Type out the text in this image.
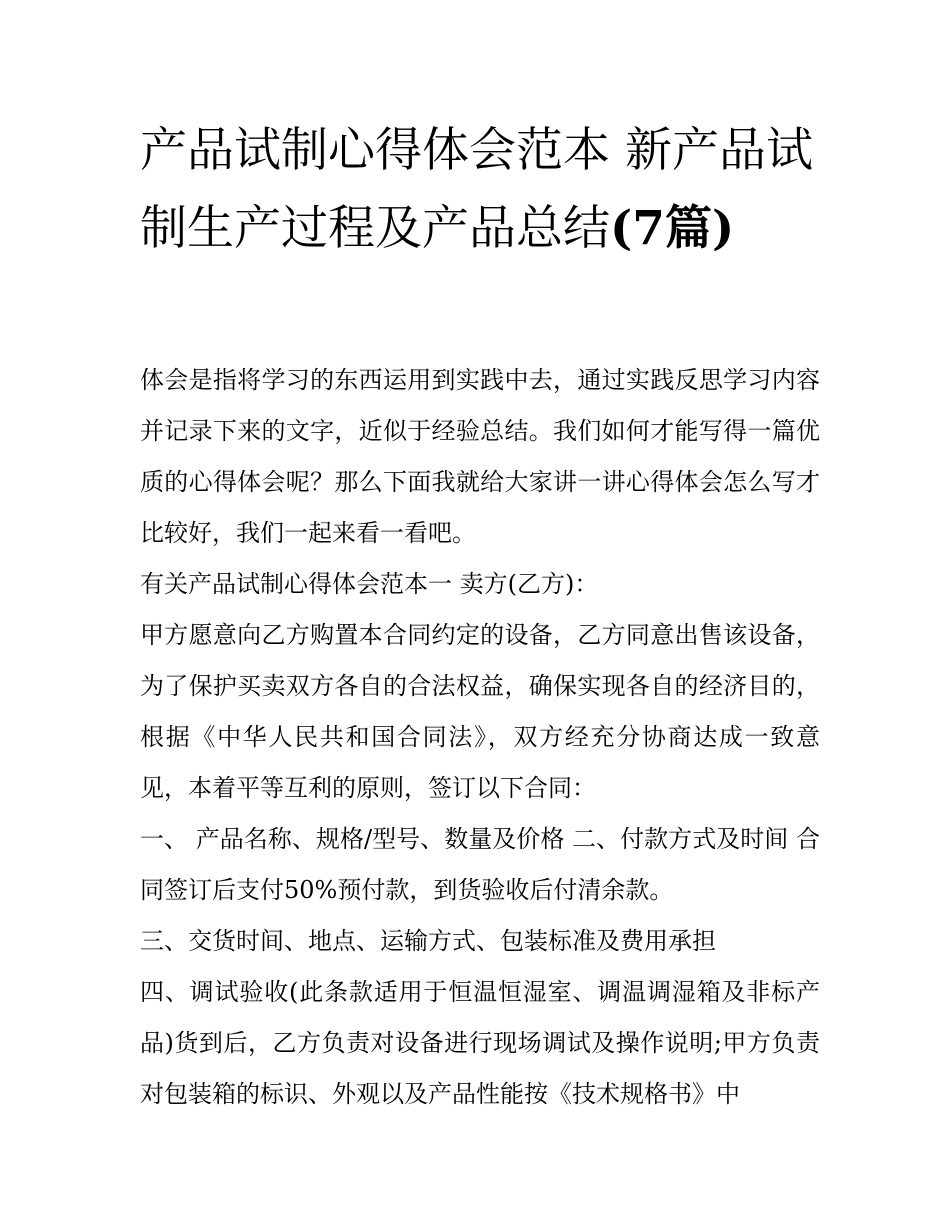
产品试制心得体会范本 新产品试制生产过程及产品总结(7篇)

体会是指将学习的东西运用到实践中去，通过实践反思学习内容并记录下来的文字，近似于经验总结。我们如何才能写得一篇优质的心得体会呢？那么下面我就给大家讲一讲心得体会怎么写才比较好，我们一起来看一看吧。

有关产品试制心得体会范本一 卖方(乙方)：

甲方愿意向乙方购置本合同约定的设备，乙方同意出售该设备，为了保护买卖双方各自的合法权益，确保实现各自的经济目的，根据《中华人民共和国合同法》，双方经充分协商达成一致意见，本着平等互利的原则，签订以下合同：

一、 产品名称、规格/型号、数量及价格 二、付款方式及时间 合同签订后支付50%预付款，到货验收后付清余款。

三、交货时间、地点、运输方式、包装标准及费用承担

四、调试验收(此条款适用于恒温恒湿室、调温调湿箱及非标产品)货到后，乙方负责对设备进行现场调试及操作说明;甲方负责对包装箱的标识、外观以及产品性能按《技术规格书》中
